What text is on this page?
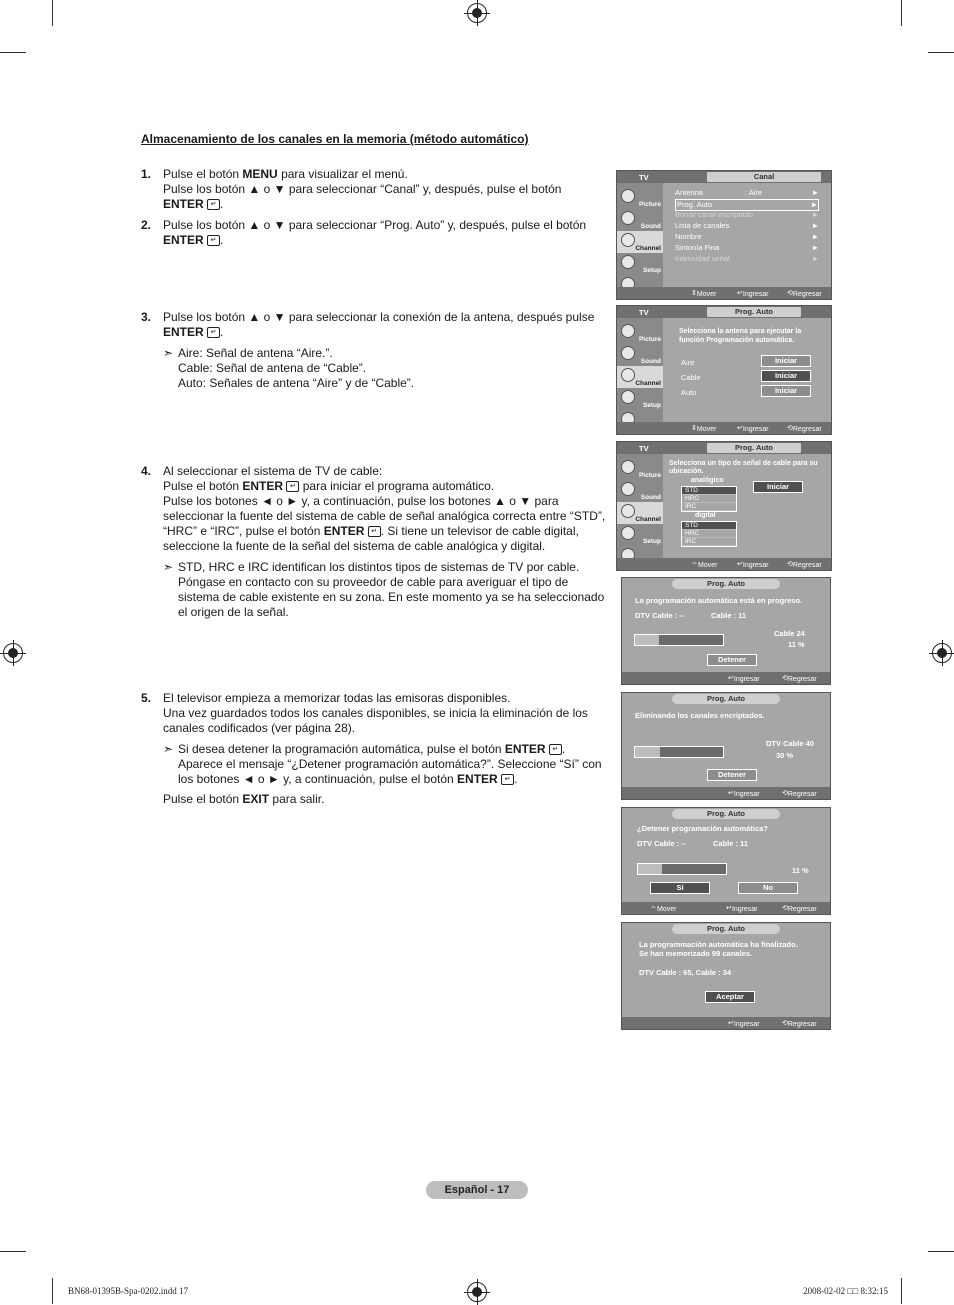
Almacenamiento de los canales en la memoria (método automático)
1. Pulse el botón MENU para visualizar el menú.

Pulse los botón ▲ o ▼ para seleccionar “Canal” y, después, pulse el botón

ENTER ↵ .

2. Pulse los botón ▲ o ▼ para seleccionar “Prog. Auto” y, después, pulse el botón

ENTER ↵ .

3. Pulse los botón ▲ o ▼ para seleccionar la conexión de la antena, después pulse

ENTER ↵ .

➣ Aire: Señal de antena “Aire.”.

Cable: Señal de antena de “Cable”.

Auto: Señales de antena “Aire” y de “Cable”.

4. Al seleccionar el sistema de TV de cable:

Pulse el botón ENTER ↵ para iniciar el programa automático.

Pulse los botones ◄ o ► y, a continuación, pulse los botones ▲ o ▼ para

seleccionar la fuente del sistema de cable de señal analógica correcta entre “STD”,

“HRC” e “IRC”, pulse el botón ENTER ↵ . Si tiene un televisor de cable digital,

seleccione la fuente de la señal del sistema de cable analógica y digital.

➣ STD, HRC e IRC identifican los distintos tipos de sistemas de TV por cable.

Póngase en contacto con su proveedor de cable para averiguar el tipo de

sistema de cable existente en su zona. En este momento ya se ha seleccionado

el origen de la señal.

5. El televisor empieza a memorizar todas las emisoras disponibles.

Una vez guardados todos los canales disponibles, se inicia la eliminación de los

canales codificados (ver página 28).

➣ Si desea detener la programación automática, pulse el botón ENTER ↵ .

Aparece el mensaje “¿Detener programación automática?”. Seleccione “Sí” con

los botones ◄ o ► y, a continuación, pulse el botón ENTER ↵ .

Pulse el botón EXIT para salir.

TV	Canal
Picture
Sound
Channel
Setup
Antenna	: Aire	►
Prog. Auto	►
Borrar canal encriptado	►
Lista de canales	►
Nombre	►
Sintonía Fina	►
Intensidad señal	►
⇕ Mover	↵ Ingresar	⟲ Regresar
TV	Prog. Auto
Picture
Sound
Channel
Setup
Selecciona la antena para ejecutar la
función Programación automática.
Aire	Iniciar
Cable	Iniciar
Auto	Iniciar
⇕ Mover	↵ Ingresar	⟲ Regresar
TV	Prog. Auto
Picture
Sound
Channel
Setup
Selecciona un tipo de señal de cable para su
ubicación.
analógico
STD
HRC
IRC
digital
STD
HRC
IRC
Iniciar
⇔ Mover	↵ Ingresar	⟲ Regresar
Prog. Auto
La programación automática está en progreso.
DTV Cable : --	Cable : 11
Cable 24
11 %
Detener
↵ Ingresar	⟲ Regresar
Prog. Auto
Eliminando los canales encriptados.
DTV Cable 40
30 %
Detener
↵ Ingresar	⟲ Regresar
Prog. Auto
¿Detener programación automática?
DTV Cable : --	Cable : 11
11 %
Sí	No
⇔ Mover	↵ Ingresar	⟲ Regresar
Prog. Auto
La programmación automática ha finalizado.
Se han memorizado 99 canales.
DTV Cable : 65, Cable : 34
Aceptar
↵ Ingresar	⟲ Regresar
Español - 17
BN68-01395B-Spa-0202.indd 17	2008-02-02 □□ 8:32:15
